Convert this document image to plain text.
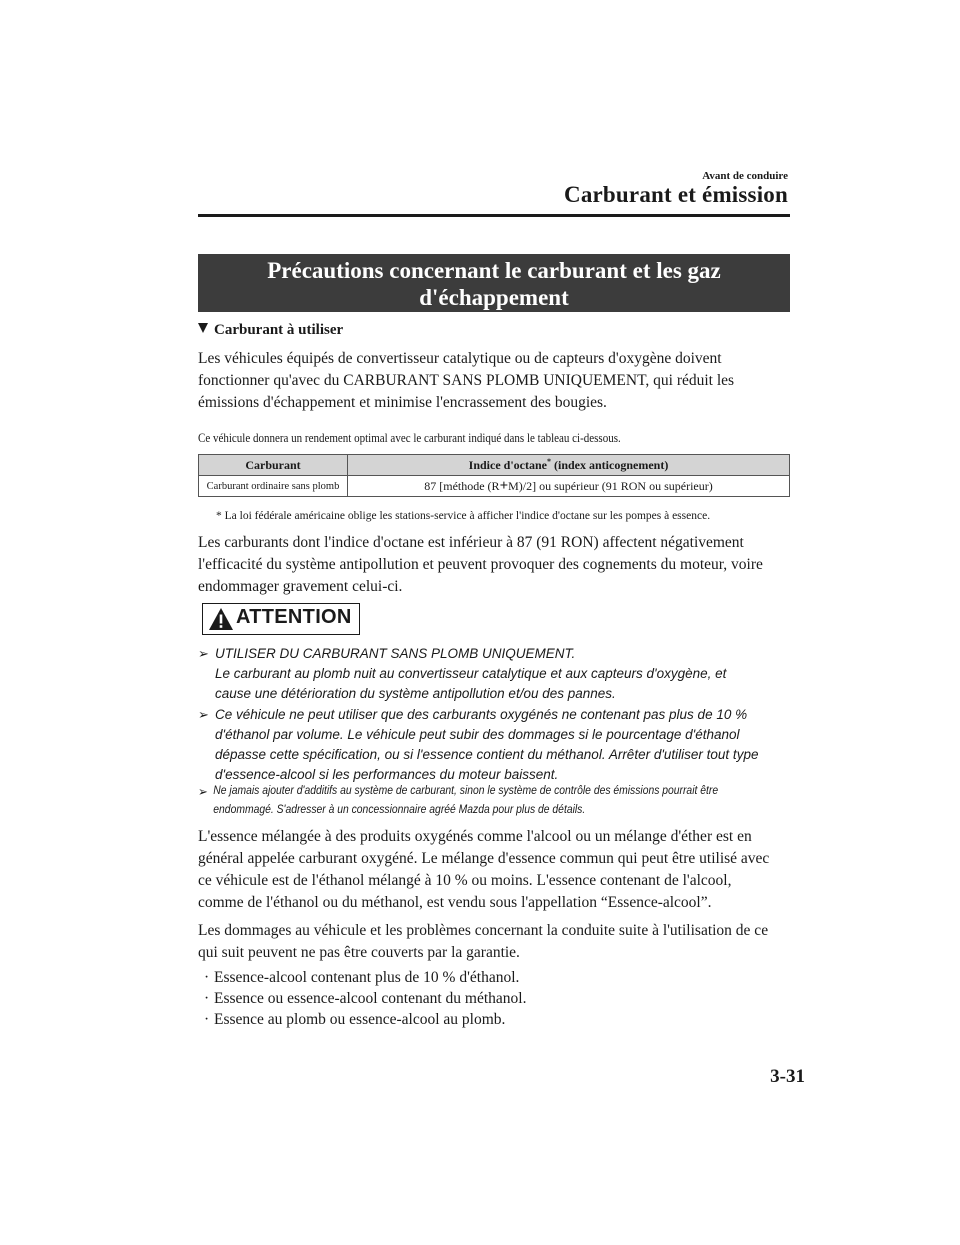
Avant de conduire
Carburant et émission
Précautions concernant le carburant et les gaz
d'échappement
Carburant à utiliser
Les véhicules équipés de convertisseur catalytique ou de capteurs d'oxygène doivent
fonctionner qu'avec du CARBURANT SANS PLOMB UNIQUEMENT, qui réduit les
émissions d'échappement et minimise l'encrassement des bougies.
Ce véhicule donnera un rendement optimal avec le carburant indiqué dans le tableau ci-dessous.
Carburant	Indice d'octane* (index anticognement)
Carburant ordinaire sans plomb	87 [méthode (R+M)/2] ou supérieur (91 RON ou supérieur)
* La loi fédérale américaine oblige les stations-service à afficher l'indice d'octane sur les pompes à essence.
Les carburants dont l'indice d'octane est inférieur à 87 (91 RON) affectent négativement
l'efficacité du système antipollution et peuvent provoquer des cognements du moteur, voire
endommager gravement celui-ci.
ATTENTION
➢ UTILISER DU CARBURANT SANS PLOMB UNIQUEMENT.
Le carburant au plomb nuit au convertisseur catalytique et aux capteurs d'oxygène, et
cause une détérioration du système antipollution et/ou des pannes.
➢ Ce véhicule ne peut utiliser que des carburants oxygénés ne contenant pas plus de 10 %
d'éthanol par volume. Le véhicule peut subir des dommages si le pourcentage d'éthanol
dépasse cette spécification, ou si l'essence contient du méthanol. Arrêter d'utiliser tout type
d'essence-alcool si les performances du moteur baissent.
➢ Ne jamais ajouter d'additifs au système de carburant, sinon le système de contrôle des émissions pourrait être
endommagé. S'adresser à un concessionnaire agréé Mazda pour plus de détails.
L'essence mélangée à des produits oxygénés comme l'alcool ou un mélange d'éther est en
général appelée carburant oxygéné. Le mélange d'essence commun qui peut être utilisé avec
ce véhicule est de l'éthanol mélangé à 10 % ou moins. L'essence contenant de l'alcool,
comme de l'éthanol ou du méthanol, est vendu sous l'appellation “Essence-alcool”.
Les dommages au véhicule et les problèmes concernant la conduite suite à l'utilisation de ce
qui suit peuvent ne pas être couverts par la garantie.
· Essence-alcool contenant plus de 10 % d'éthanol.
· Essence ou essence-alcool contenant du méthanol.
· Essence au plomb ou essence-alcool au plomb.
3-31
